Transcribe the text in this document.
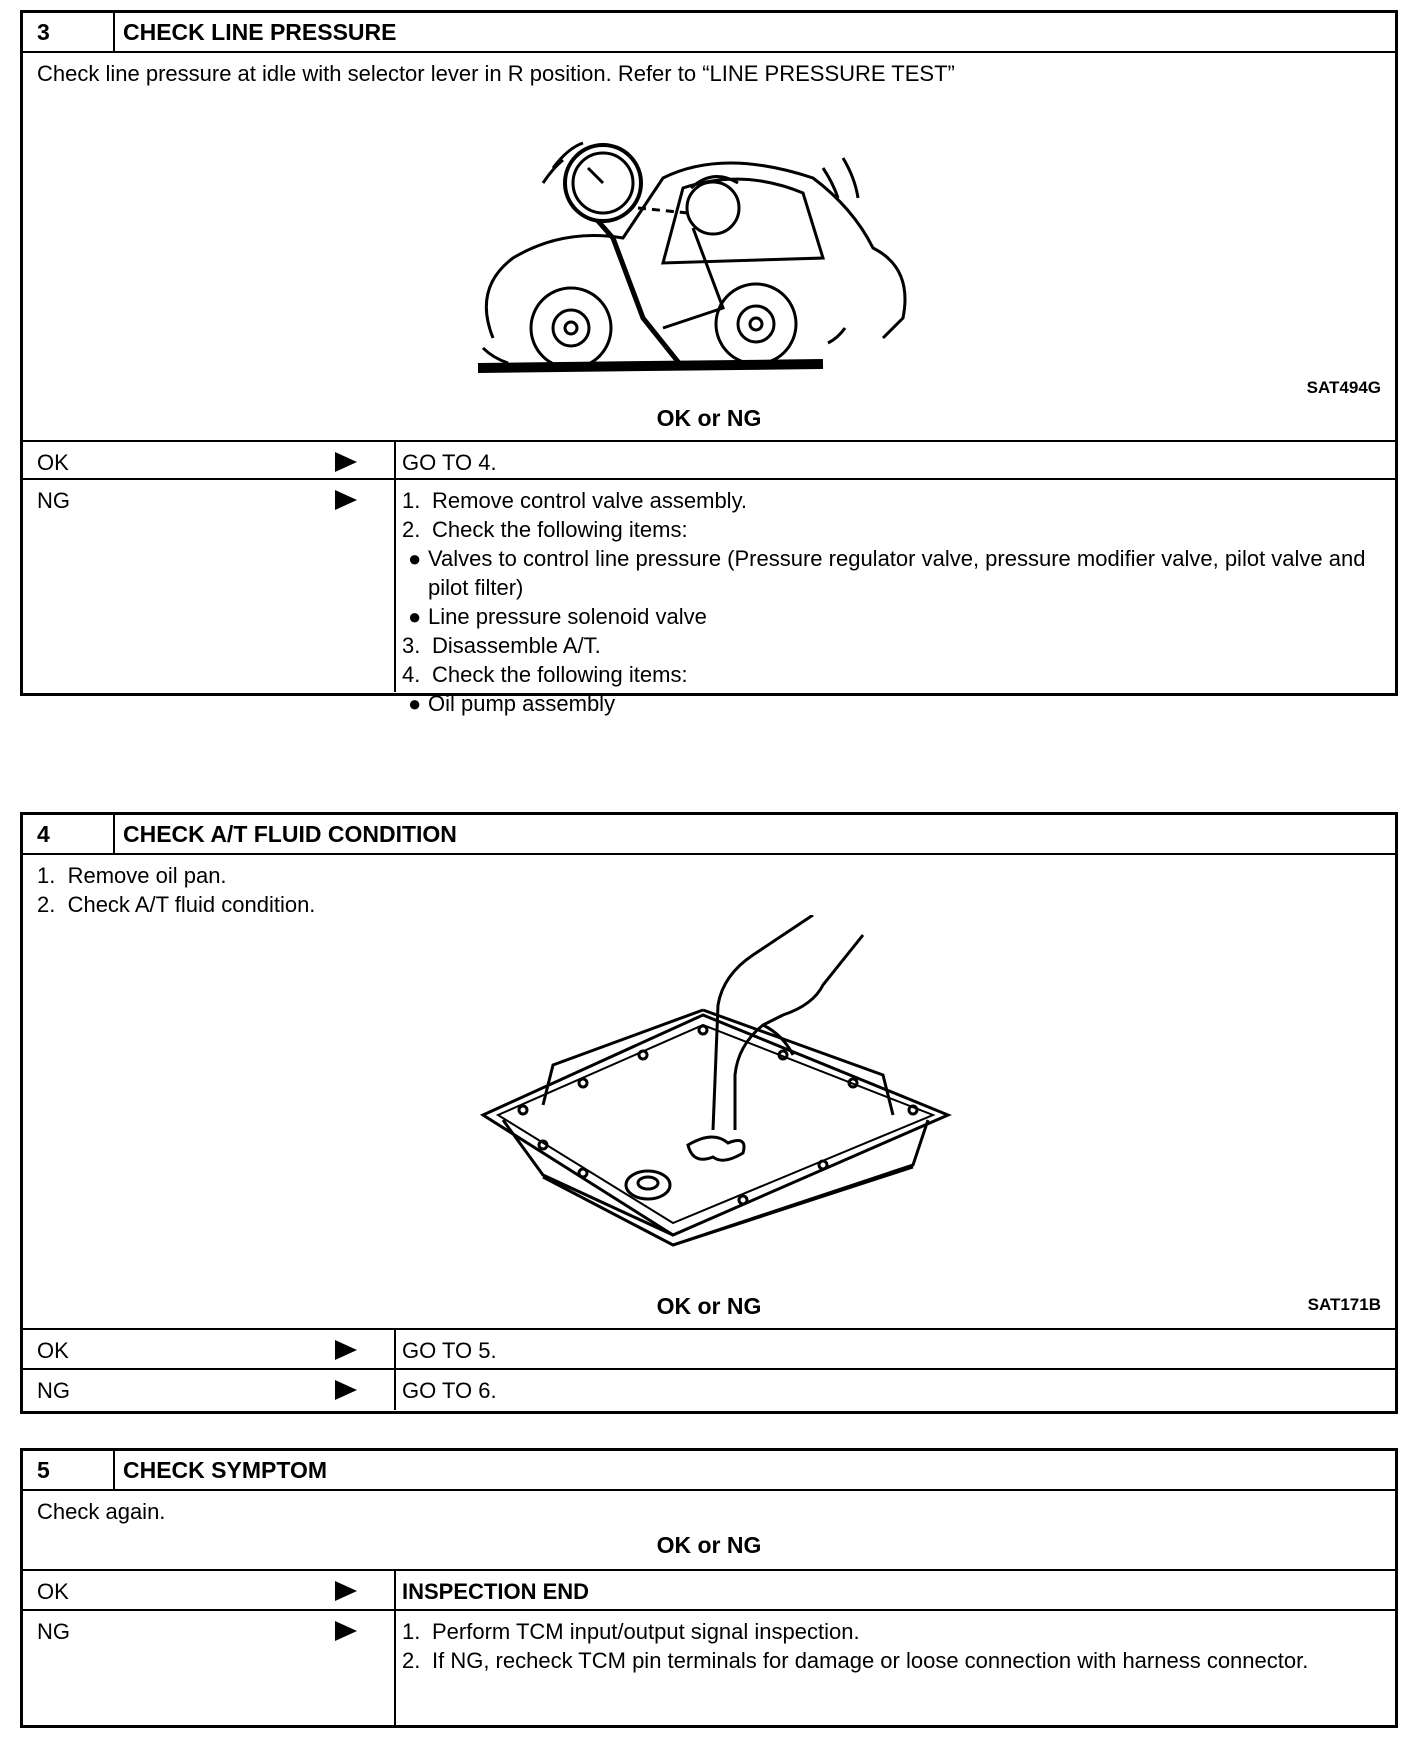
3	CHECK LINE PRESSURE

Check line pressure at idle with selector lever in R position. Refer to “LINE PRESSURE TEST”

SAT494G
OK or NG
OK	GO TO 4.
NG	1. Remove control valve assembly.
2. Check the following items:
● Valves to control line pressure (Pressure regulator valve, pressure modifier valve, pilot valve and pilot filter)
● Line pressure solenoid valve
3. Disassemble A/T.
4. Check the following items:
● Oil pump assembly
4	CHECK A/T FLUID CONDITION

1.  Remove oil pan.

2.  Check A/T fluid condition.

SAT171B
OK or NG
OK	GO TO 5.
NG	GO TO 6.
5	CHECK SYMPTOM

Check again.

OK or NG
OK	INSPECTION END
NG	1. Perform TCM input/output signal inspection.
2. If NG, recheck TCM pin terminals for damage or loose connection with harness connector.
